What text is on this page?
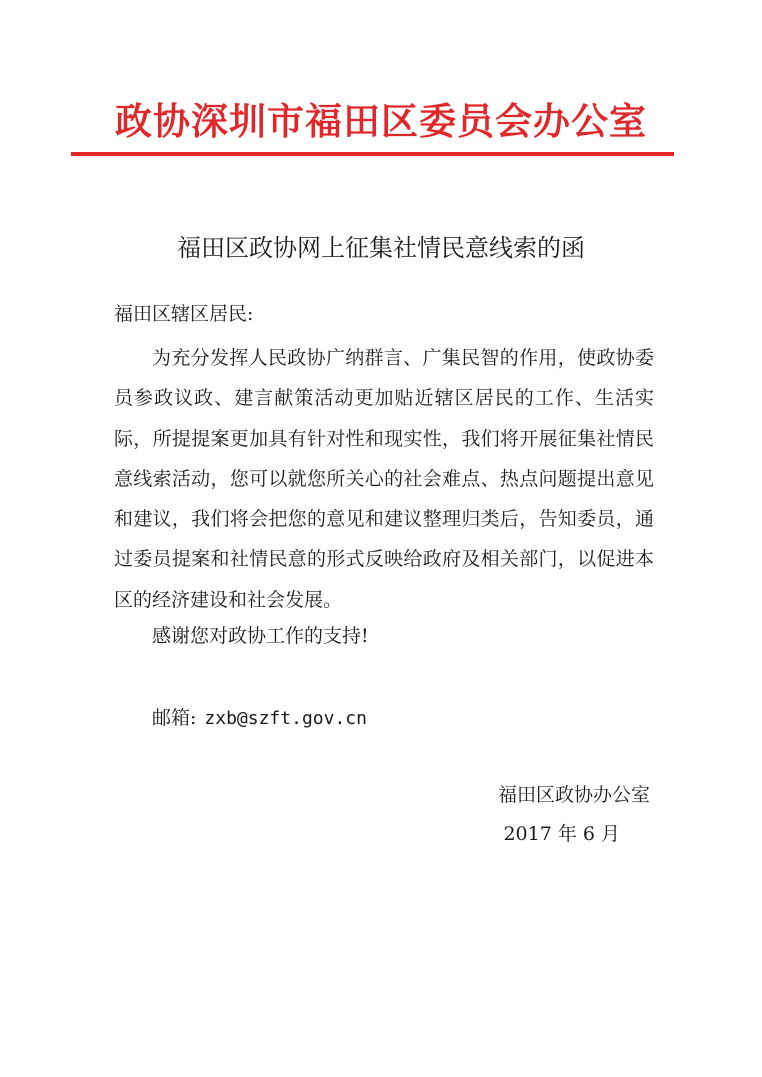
政协深圳市福田区委员会办公室
福田区政协网上征集社情民意线索的函
福田区辖区居民:

为充分发挥人民政协广纳群言、广集民智的作用，使政协委员参政议政、建言献策活动更加贴近辖区居民的工作、生活实际，所提提案更加具有针对性和现实性，我们将开展征集社情民意线索活动，您可以就您所关心的社会难点、热点问题提出意见和建议，我们将会把您的意见和建议整理归类后，告知委员，通过委员提案和社情民意的形式反映给政府及相关部门，以促进本区的经济建设和社会发展。

感谢您对政协工作的支持!
邮箱: zxb@szft.gov.cn
福田区政协办公室
2017 年 6 月
